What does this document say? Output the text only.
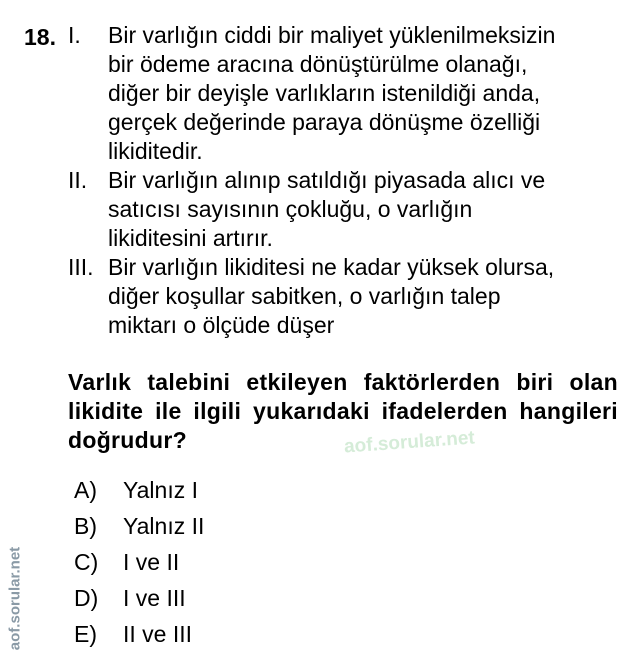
18. I. Bir varlığın ciddi bir maliyet yüklenilmeksizin
bir ödeme aracına dönüştürülme olanağı,
diğer bir deyişle varlıkların istenildiği anda,
gerçek değerinde paraya dönüşme özelliği
likiditedir.
II. Bir varlığın alınıp satıldığı piyasada alıcı ve
satıcısı sayısının çokluğu, o varlığın
likiditesini artırır.
III. Bir varlığın likiditesi ne kadar yüksek olursa,
diğer koşullar sabitken, o varlığın talep
miktarı o ölçüde düşer
Varlık talebini etkileyen faktörlerden biri olan likidite ile ilgili yukarıdaki ifadelerden hangileri doğrudur?	aof.sorular.net
aof.sorular.net
A) Yalnız I
B) Yalnız II
C) I ve II
D) I ve III
E) II ve III
